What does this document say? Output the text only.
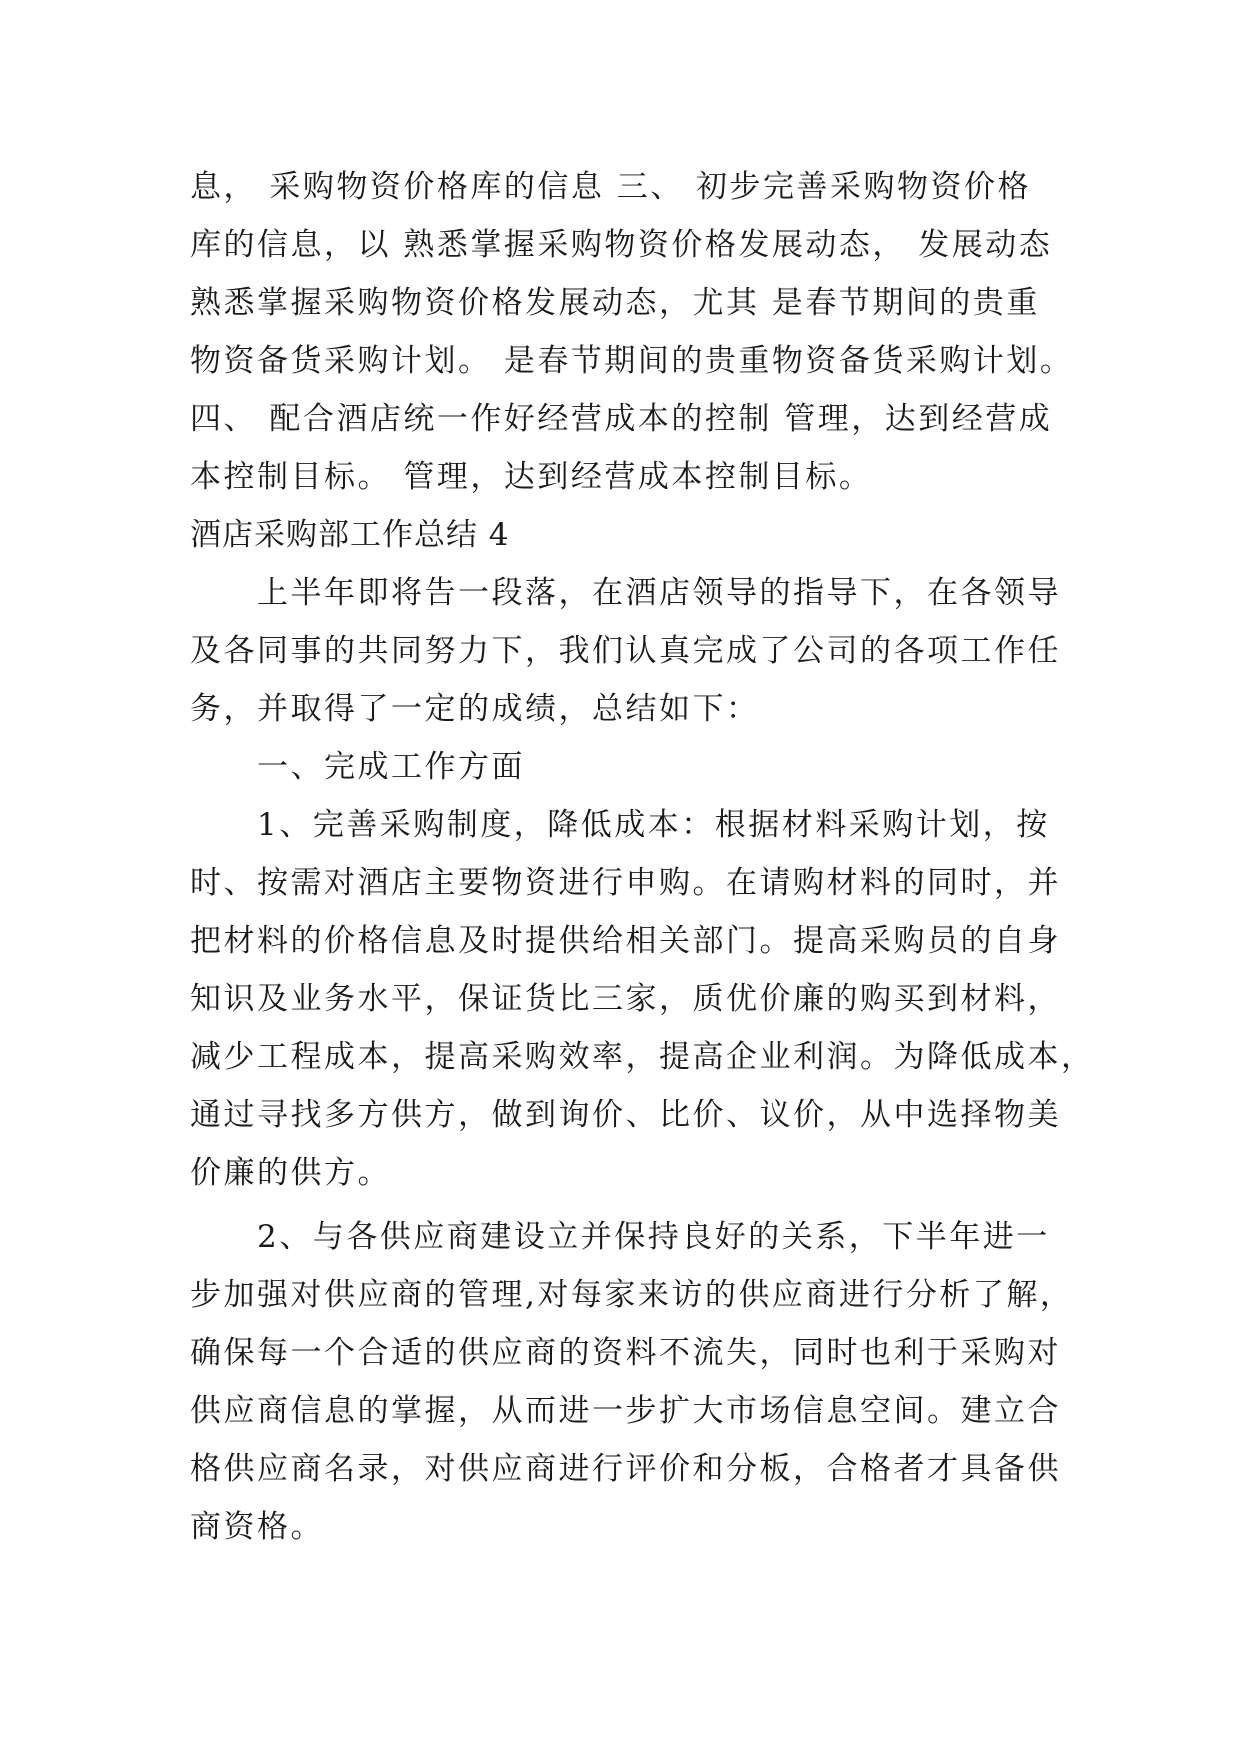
息， 采购物资价格库的信息 三、 初步完善采购物资价格
库的信息，以 熟悉掌握采购物资价格发展动态， 发展动态
熟悉掌握采购物资价格发展动态，尤其 是春节期间的贵重
物资备货采购计划。 是春节期间的贵重物资备货采购计划。
四、 配合酒店统一作好经营成本的控制 管理，达到经营成
本控制目标。 管理，达到经营成本控制目标。
酒店采购部工作总结 4
　　上半年即将告一段落，在酒店领导的指导下，在各领导
及各同事的共同努力下，我们认真完成了公司的各项工作任
务，并取得了一定的成绩，总结如下：
　　一、完成工作方面
　　1、完善采购制度，降低成本：根据材料采购计划，按
时、按需对酒店主要物资进行申购。在请购材料的同时，并
把材料的价格信息及时提供给相关部门。提高采购员的自身
知识及业务水平，保证货比三家，质优价廉的购买到材料，
减少工程成本，提高采购效率，提高企业利润。为降低成本，
通过寻找多方供方，做到询价、比价、议价，从中选择物美
价廉的供方。
　　2、与各供应商建设立并保持良好的关系，下半年进一
步加强对供应商的管理,对每家来访的供应商进行分析了解，
确保每一个合适的供应商的资料不流失，同时也利于采购对
供应商信息的掌握，从而进一步扩大市场信息空间。建立合
格供应商名录，对供应商进行评价和分板，合格者才具备供
商资格。
